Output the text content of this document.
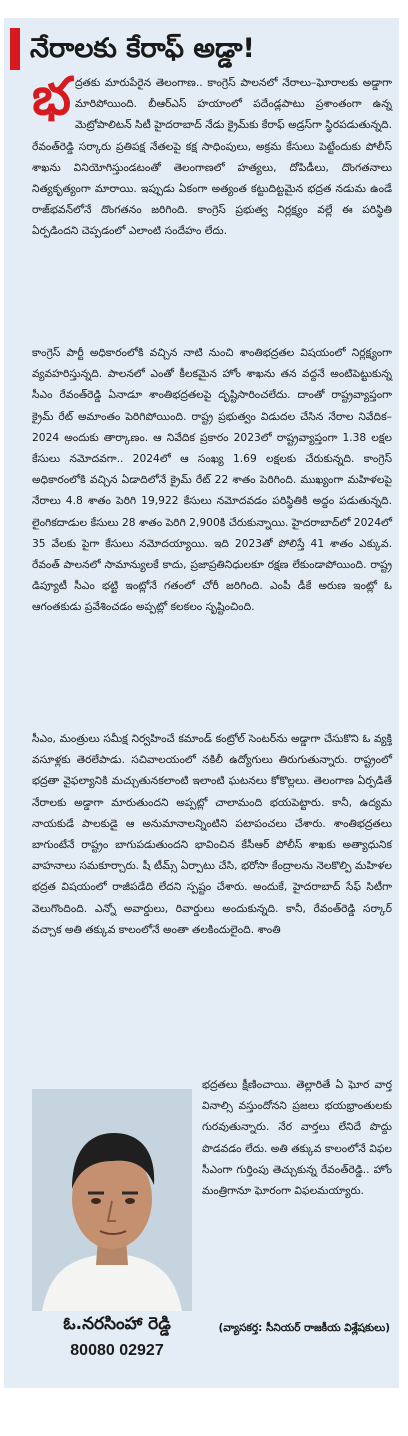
నేరాలకు కేరాఫ్ అడ్డా!
భద్రతకు మారుపేరైన తెలంగాణ.. కాంగ్రెస్ పాలనలో నేరాలు–ఘోరాలకు అడ్డాగా మారిపోయింది. బీఆర్ఎస్ హయాంలో పదేండ్లపాటు ప్రశాంతంగా ఉన్న మెట్రోపాలిటన్ సిటీ హైదరాబాద్ నేడు క్రైమ్‌కు కేరాఫ్ అడ్రస్‌గా స్థిరపడుతున్నది. రేవంత్‌రెడ్డి సర్కారు ప్రతిపక్ష నేతలపై కక్ష సాధింపులు, అక్రమ కేసులు పెట్టేందుకు పోలీస్ శాఖను వినియోగిస్తుండటంతో తెలంగాణలో హత్యలు, దోపిడీలు, దొంగతనాలు నిత్యకృత్యంగా మారాయి. ఇప్పుడు ఏకంగా అత్యంత కట్టుదిట్టమైన భద్రత నడుమ ఉండే రాజ్‌భవన్‌లోనే దొంగతనం జరిగింది. కాంగ్రెస్ ప్రభుత్వ నిర్లక్ష్యం వల్లే ఈ పరిస్థితి ఏర్పడిందని చెప్పడంలో ఎలాంటి సందేహం లేదు.
కాంగ్రెస్ పార్టీ అధికారంలోకి వచ్చిన నాటి నుంచి శాంతిభద్రతల విషయంలో నిర్లక్ష్యంగా వ్యవహరిస్తున్నది. పాలనలో ఎంతో కీలకమైన హోం శాఖను తన వద్దనే అంటిపెట్టుకున్న సీఎం రేవంత్‌రెడ్డి ఏనాడూ శాంతిభద్రతలపై దృష్టిసారించలేదు. దాంతో రాష్ట్రవ్యాప్తంగా క్రైమ్ రేట్ అమాంతం పెరిగిపోయింది. రాష్ట్ర ప్రభుత్వం విడుదల చేసిన నేరాల నివేదిక–2024 అందుకు తార్కాణం. ఆ నివేదిక ప్రకారం 2023లో రాష్ట్రవ్యాప్తంగా 1.38 లక్షల కేసులు నమోదవగా.. 2024లో ఆ సంఖ్య 1.69 లక్షలకు చేరుకున్నది. కాంగ్రెస్ అధికారంలోకి వచ్చిన ఏడాదిలోనే క్రైమ్ రేట్ 22 శాతం పెరిగింది. ముఖ్యంగా మహిళలపై నేరాలు 4.8 శాతం పెరిగి 19,922 కేసులు నమోదవడం పరిస్థితికి అద్దం పడుతున్నది. లైంగికదాడుల కేసులు 28 శాతం పెరిగి 2,900కి చేరుకున్నాయి. హైదరాబాద్‌లో 2024లో 35 వేలకు పైగా కేసులు నమోదయ్యాయి. ఇది 2023తో పోలిస్తే 41 శాతం ఎక్కువ. రేవంత్ పాలనలో సామాన్యులకే కాదు, ప్రజాప్రతినిధులకూ రక్షణ లేకుండాపోయింది. రాష్ట్ర డిప్యూటీ సీఎం భట్టి ఇంట్లోనే గతంలో చోరీ జరిగింది. ఎంపీ డీకే అరుణ ఇంట్లో ఓ ఆగంతకుడు ప్రవేశించడం అప్పట్లో కలకలం సృష్టించింది.
సీఎం, మంత్రులు సమీక్ష నిర్వహించే కమాండ్ కంట్రోల్ సెంటర్‌ను అడ్డాగా చేసుకొని ఓ వ్యక్తి వసూళ్లకు తెరలేపాడు. సచివాలయంలో నకిలీ ఉద్యోగులు తిరుగుతున్నారు. రాష్ట్రంలో భద్రతా వైఫల్యానికి మచ్చుతునకలాంటి ఇలాంటి ఘటనలు కోకొల్లలు. తెలంగాణ ఏర్పడితే నేరాలకు అడ్డాగా మారుతుందని అప్పట్లో చాలామంది భయపెట్టారు. కానీ, ఉద్యమ నాయకుడే పాలకుడై ఆ అనుమానాలన్నింటిని పటాపంచలు చేశారు. శాంతిభద్రతలు బాగుంటేనే రాష్ట్రం బాగుపడుతుందని భావించిన కేసీఆర్ పోలీస్ శాఖకు అత్యాధునిక వాహనాలు సమకూర్చారు. షీ టీమ్స్ ఏర్పాటు చేసి, భరోసా కేంద్రాలను నెలకొల్పి మహిళల భద్రత విషయంలో రాజీపడేది లేదని స్పష్టం చేశారు. అందుకే, హైదరాబాద్ సేఫ్ సిటీగా వెలుగొందింది. ఎన్నో అవార్డులు, రివార్డులు అందుకున్నది. కానీ, రేవంత్‌రెడ్డి సర్కార్ వచ్చాక అతి తక్కువ కాలంలోనే అంతా తలకిందులైంది. శాంతి
భద్రతలు క్షీణించాయి. తెల్లారితే ఏ ఘోర వార్త వినాల్సి వస్తుందోనని ప్రజలు భయభ్రాంతులకు గురవుతున్నారు. నేర వార్తలు లేనిదే పొద్దు పొడవడం లేదు. అతి తక్కువ కాలంలోనే విఫల సీఎంగా గుర్తింపు తెచ్చుకున్న రేవంత్‌రెడ్డి.. హోం మంత్రిగానూ ఘోరంగా విఫలమయ్యారు.
ఓ.నరసింహా రెడ్డి
80080 02927
(వ్యాసకర్త: సీనియర్ రాజకీయ విశ్లేషకులు)
